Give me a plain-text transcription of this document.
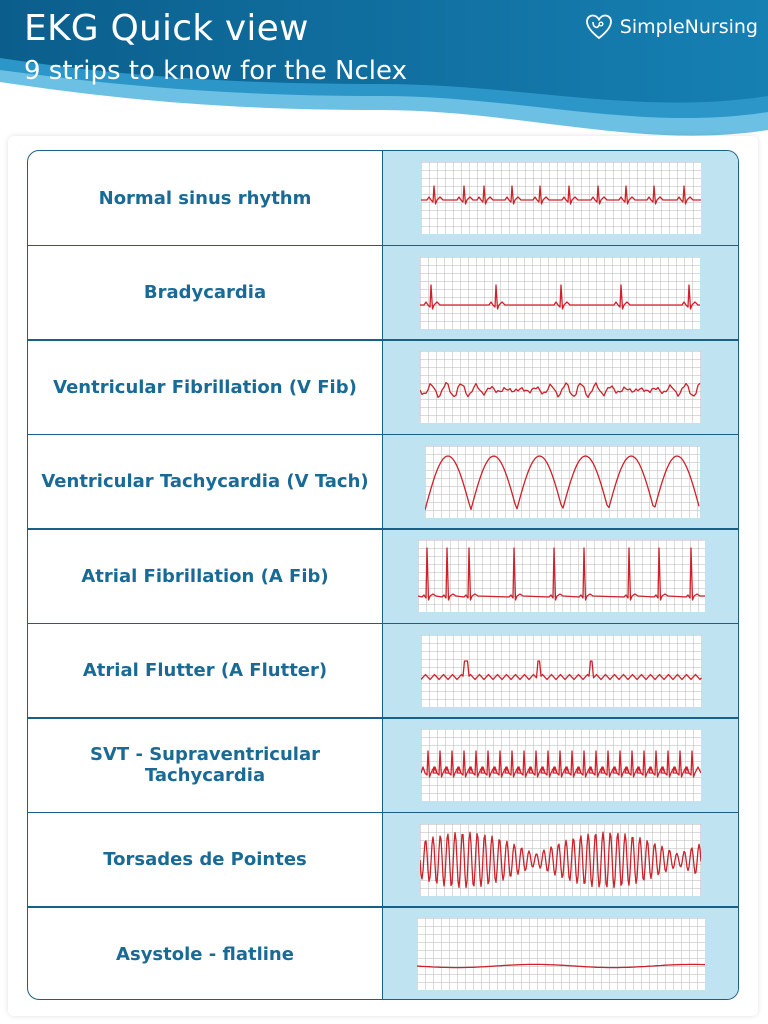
EKG Quick view
9 strips to know for the Nclex
SimpleNursing
Normal sinus rhythm
Bradycardia
Ventricular Fibrillation (V Fib)
Ventricular Tachycardia (V Tach)
Atrial Fibrillation (A Fib)
Atrial Flutter (A Flutter)
SVT - Supraventricular Tachycardia
Torsades de Pointes
Asystole - flatline
